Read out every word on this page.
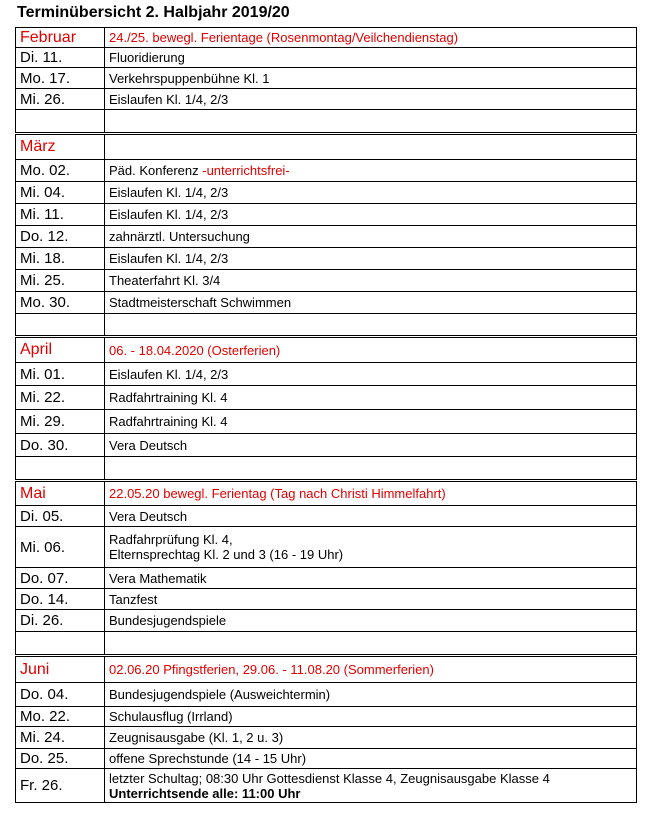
Terminübersicht 2. Halbjahr 2019/20
Februar	24./25. bewegl. Ferientage (Rosenmontag/Veilchendienstag)
Di. 11.	Fluoridierung
Mo. 17.	Verkehrspuppenbühne Kl. 1
Mi. 26.	Eislaufen Kl. 1/4, 2/3

März	
Mo. 02.	Päd. Konferenz -unterrichtsfrei-
Mi. 04.	Eislaufen Kl. 1/4, 2/3
Mi. 11.	Eislaufen Kl. 1/4, 2/3
Do. 12.	zahnärztl. Untersuchung
Mi. 18.	Eislaufen Kl. 1/4, 2/3
Mi. 25.	Theaterfahrt Kl. 3/4
Mo. 30.	Stadtmeisterschaft Schwimmen

April	06. - 18.04.2020 (Osterferien)
Mi. 01.	Eislaufen Kl. 1/4, 2/3
Mi. 22.	Radfahrtraining Kl. 4
Mi. 29.	Radfahrtraining Kl. 4
Do. 30.	Vera Deutsch

Mai	22.05.20 bewegl. Ferientag (Tag nach Christi Himmelfahrt)
Di. 05.	Vera Deutsch
Mi. 06.	Radfahrprüfung Kl. 4,
Elternsprechtag Kl. 2 und 3 (16 - 19 Uhr)

Do. 07.	Vera Mathematik
Do. 14.	Tanzfest
Di. 26.	Bundesjugendspiele

Juni	02.06.20 Pfingstferien, 29.06. - 11.08.20 (Sommerferien)
Do. 04.	Bundesjugendspiele (Ausweichtermin)
Mo. 22.	Schulausflug (Irrland)
Mi. 24.	Zeugnisausgabe (Kl. 1, 2 u. 3)
Do. 25.	offene Sprechstunde (14 - 15 Uhr)
Fr. 26.	letzter Schultag; 08:30 Uhr Gottesdienst Klasse 4, Zeugnisausgabe Klasse 4
Unterrichtsende alle: 11:00 Uhr
